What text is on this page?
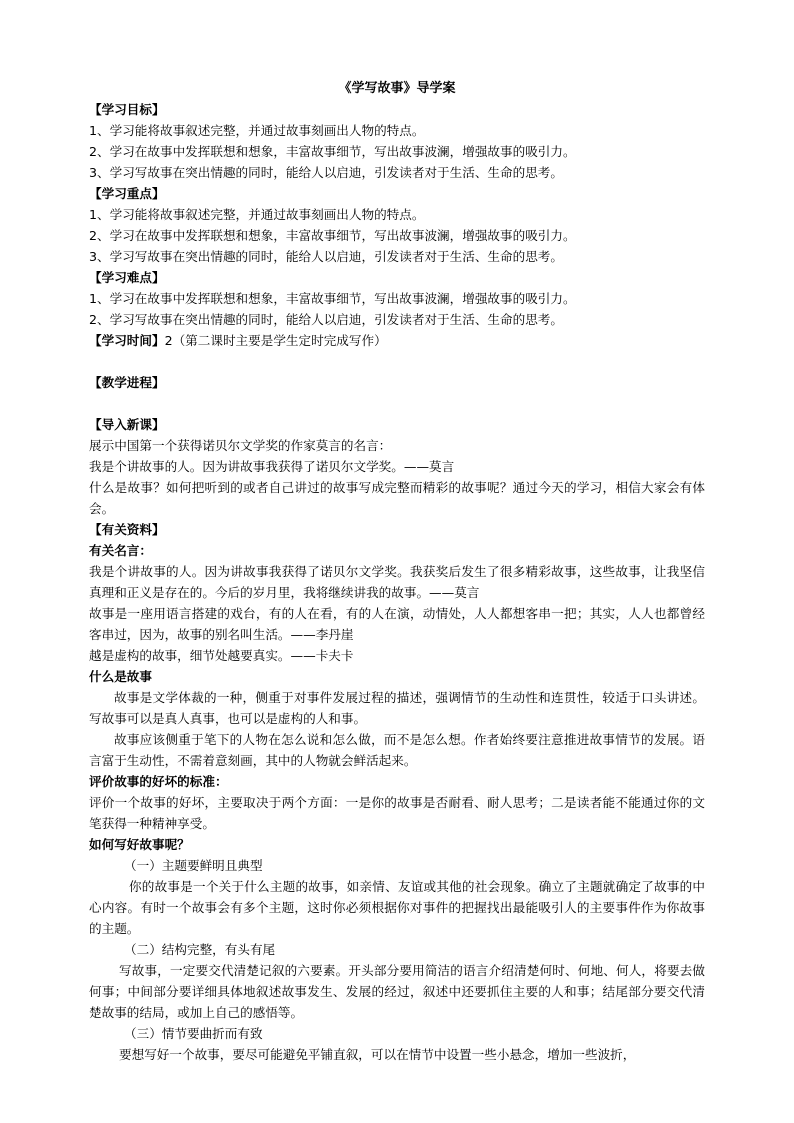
《学写故事》导学案
【学习目标】

1、学习能将故事叙述完整，并通过故事刻画出人物的特点。

2、学习在故事中发挥联想和想象，丰富故事细节，写出故事波澜，增强故事的吸引力。

3、学习写故事在突出情趣的同时，能给人以启迪，引发读者对于生活、生命的思考。

【学习重点】

1、学习能将故事叙述完整，并通过故事刻画出人物的特点。

2、学习在故事中发挥联想和想象，丰富故事细节，写出故事波澜，增强故事的吸引力。

3、学习写故事在突出情趣的同时，能给人以启迪，引发读者对于生活、生命的思考。

【学习难点】

1、学习在故事中发挥联想和想象，丰富故事细节，写出故事波澜，增强故事的吸引力。

2、学习写故事在突出情趣的同时，能给人以启迪，引发读者对于生活、生命的思考。

【学习时间】2（第二课时主要是学生定时完成写作）

【教学进程】
【导入新课】

展示中国第一个获得诺贝尔文学奖的作家莫言的名言：

我是个讲故事的人。因为讲故事我获得了诺贝尔文学奖。——莫言

什么是故事？如何把听到的或者自己讲过的故事写成完整而精彩的故事呢？通过今天的学习，相信大家会有体会。

【有关资料】
有关名言：

我是个讲故事的人。因为讲故事我获得了诺贝尔文学奖。我获奖后发生了很多精彩故事，这些故事，让我坚信真理和正义是存在的。今后的岁月里，我将继续讲我的故事。——莫言

故事是一座用语言搭建的戏台，有的人在看，有的人在演，动情处，人人都想客串一把；其实，人人也都曾经客串过，因为，故事的别名叫生活。——李丹崖

越是虚构的故事，细节处越要真实。——卡夫卡

什么是故事

故事是文学体裁的一种，侧重于对事件发展过程的描述，强调情节的生动性和连贯性，较适于口头讲述。写故事可以是真人真事，也可以是虚构的人和事。

故事应该侧重于笔下的人物在怎么说和怎么做，而不是怎么想。作者始终要注意推进故事情节的发展。语言富于生动性，不需着意刻画，其中的人物就会鲜活起来。

评价故事的好坏的标准：

评价一个故事的好坏，主要取决于两个方面：一是你的故事是否耐看、耐人思考；二是读者能不能通过你的文笔获得一种精神享受。

如何写好故事呢？

（一）主题要鲜明且典型

你的故事是一个关于什么主题的故事，如亲情、友谊或其他的社会现象。确立了主题就确定了故事的中心内容。有时一个故事会有多个主题，这时你必须根据你对事件的把握找出最能吸引人的主要事件作为你故事的主题。

（二）结构完整，有头有尾

写故事，一定要交代清楚记叙的六要素。开头部分要用简洁的语言介绍清楚何时、何地、何人，将要去做何事；中间部分要详细具体地叙述故事发生、发展的经过，叙述中还要抓住主要的人和事；结尾部分要交代清楚故事的结局，或加上自己的感悟等。

（三）情节要曲折而有致

要想写好一个故事，要尽可能避免平铺直叙，可以在情节中设置一些小悬念，增加一些波折，
